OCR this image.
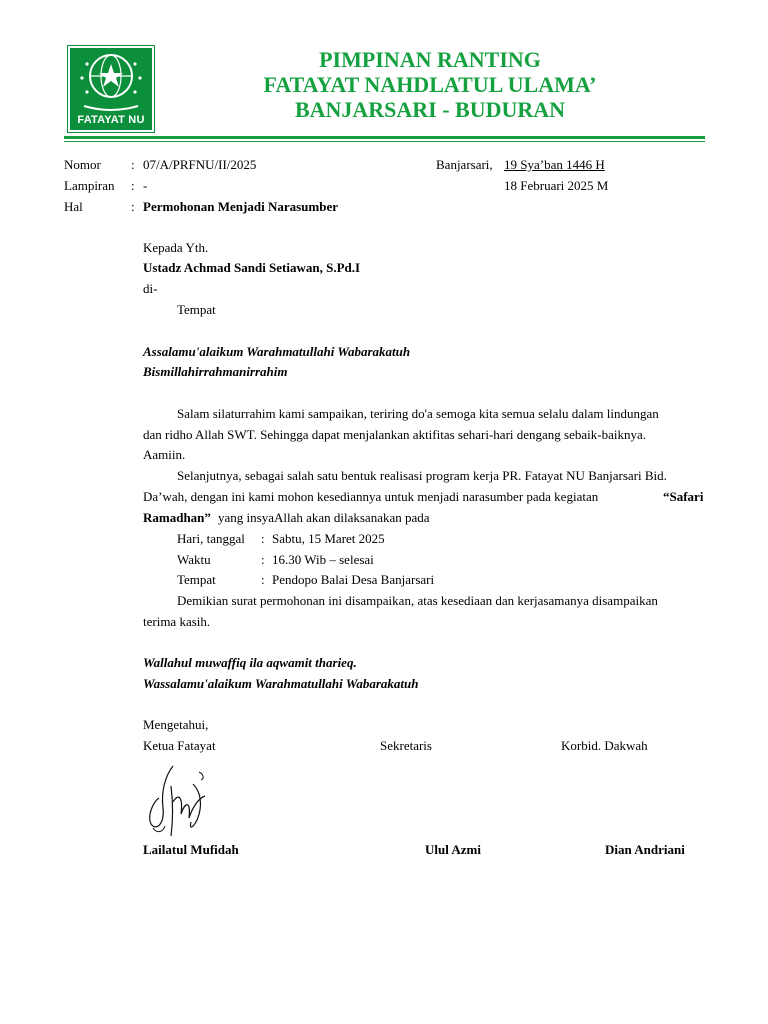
FATAYAT NU
PIMPINAN RANTING
FATAYAT NAHDLATUL ULAMA’
BANJARSARI - BUDURAN
Nomor : 07/A/PRFNU/II/2025
Lampiran : -
Hal	: Permohonan Menjadi Narasumber
Banjarsari, 19 Sya’ban 1446 H
18 Februari 2025 M
Kepada Yth.
Ustadz Achmad Sandi Setiawan, S.Pd.I
di-
Tempat
Assalamu'alaikum Warahmatullahi Wabarakatuh
Bismillahirrahmanirrahim
Salam silaturrahim kami sampaikan, teriring do'a semoga kita semua selalu dalam lindungan
dan ridho Allah SWT. Sehingga dapat menjalankan aktifitas sehari-hari dengang sebaik-baiknya.
Aamiin.
Selanjutnya, sebagai salah satu bentuk realisasi program kerja PR. Fatayat NU Banjarsari Bid.
Da’wah, dengan ini kami mohon kesediannya untuk menjadi narasumber pada kegiatan	“Safari
Ramadhan” yang insyaAllah akan dilaksanakan pada
Hari, tanggal : Sabtu, 15 Maret 2025
Waktu	: 16.30 Wib – selesai
Tempat	: Pendopo Balai Desa Banjarsari
Demikian surat permohonan ini disampaikan, atas kesediaan dan kerjasamanya disampaikan
terima kasih.
Wallahul muwaffiq ila aqwamit tharieq.
Wassalamu'alaikum Warahmatullahi Wabarakatuh
Mengetahui,
Ketua Fatayat	Sekretaris	Korbid. Dakwah
Lailatul Mufidah	Ulul Azmi	Dian Andriani
